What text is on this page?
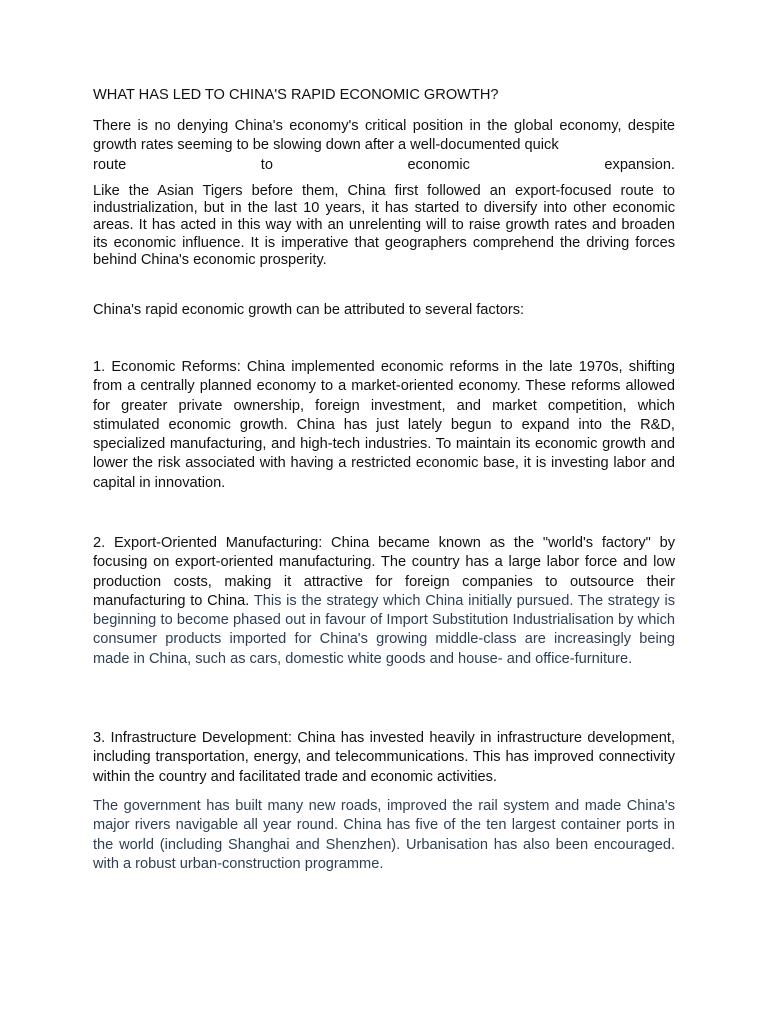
WHAT HAS LED TO CHINA'S RAPID ECONOMIC GROWTH?

There is no denying China's economy's critical position in the global economy, despite growth rates seeming to be slowing down after a well-documented quick
route to economic expansion.

Like the Asian Tigers before them, China first followed an export-focused route to industrialization, but in the last 10 years, it has started to diversify into other economic areas. It has acted in this way with an unrelenting will to raise growth rates and broaden its economic influence. It is imperative that geographers comprehend the driving forces behind China's economic prosperity.

China's rapid economic growth can be attributed to several factors:

1. Economic Reforms: China implemented economic reforms in the late 1970s, shifting from a centrally planned economy to a market-oriented economy. These reforms allowed for greater private ownership, foreign investment, and market competition, which stimulated economic growth. China has just lately begun to expand into the R&D, specialized manufacturing, and high-tech industries. To maintain its economic growth and lower the risk associated with having a restricted economic base, it is investing labor and capital in innovation.

2. Export-Oriented Manufacturing: China became known as the "world's factory" by focusing on export-oriented manufacturing. The country has a large labor force and low production costs, making it attractive for foreign companies to outsource their manufacturing to China. This is the strategy which China initially pursued. The strategy is beginning to become phased out in favour of Import Substitution Industrialisation by which consumer products imported for China's growing middle-class are increasingly being made in China, such as cars, domestic white goods and house- and office-furniture.

3. Infrastructure Development: China has invested heavily in infrastructure development, including transportation, energy, and telecommunications. This has improved connectivity within the country and facilitated trade and economic activities.

The government has built many new roads, improved the rail system and made China's major rivers navigable all year round. China has five of the ten largest container ports in the world (including Shanghai and Shenzhen). Urbanisation has also been encouraged. with a robust urban-construction programme.
